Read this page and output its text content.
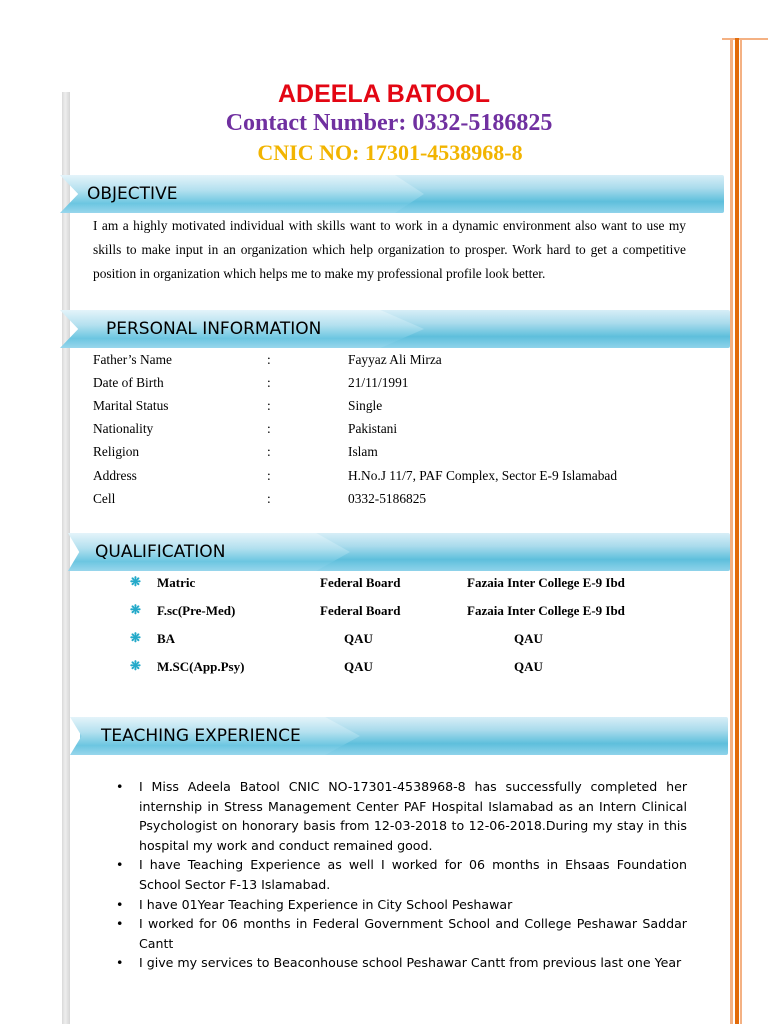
ADEELA BATOOL
Contact Number: 0332-5186825
CNIC NO: 17301-4538968-8
OBJECTIVE
I am a highly motivated individual with skills want to work in a dynamic environment also want to use my skills to make input in an organization which help organization to prosper. Work hard to get a competitive position in organization which helps me to make my professional profile look better.
PERSONAL INFORMATION
Father’s Name	:	Fayyaz Ali Mirza
Date of Birth	:	21/11/1991
Marital Status	:	Single
Nationality	:	Pakistani
Religion	:	Islam
Address	:	H.No.J 11/7, PAF Complex, Sector E-9 Islamabad
Cell	:	0332-5186825
QUALIFICATION
❋ Matric	Federal Board	Fazaia Inter College E-9 Ibd
❋ F.sc(Pre-Med)	Federal Board	Fazaia Inter College E-9 Ibd
❋ BA	QAU	QAU
❋ M.SC(App.Psy)	QAU	QAU
TEACHING EXPERIENCE
• I Miss Adeela Batool CNIC NO-17301-4538968-8 has successfully completed her internship in Stress Management Center PAF Hospital Islamabad as an Intern Clinical Psychologist on honorary basis from 12-03-2018 to 12-06-2018.During my stay in this hospital my work and conduct remained good.
• I have Teaching Experience as well I worked for 06 months in Ehsaas Foundation School Sector F-13 Islamabad.
• I have 01Year Teaching Experience in City School Peshawar
• I worked for 06 months in Federal Government School and College Peshawar Saddar Cantt
• I give my services to Beaconhouse school Peshawar Cantt from previous last one Year
